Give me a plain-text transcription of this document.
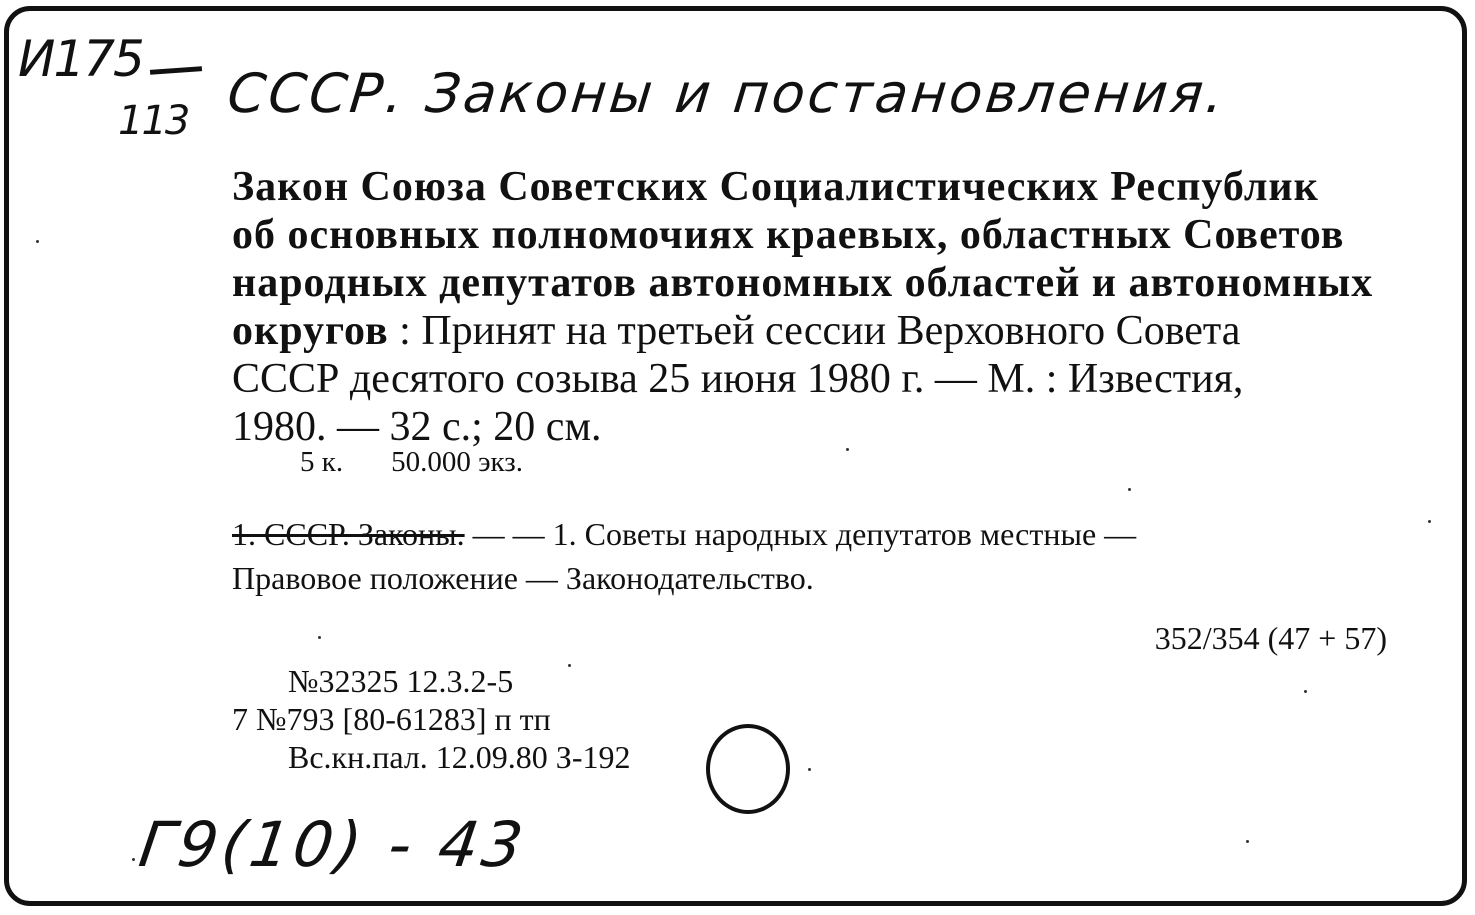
И175
113 СССР. Законы и постановления.
Закон Союза Советских Социалистических Республик
об основных полномочиях краевых, областных Советов
народных депутатов автономных областей и автономных
округов : Принят на третьей сессии Верховного Совета
СССР десятого созыва 25 июня 1980 г. — М. : Известия,
1980. — 32 с.; 20 см.
5 к. 50.000 экз.
1. СССР. Законы. — — 1. Советы народных депутатов местные —
Правовое положение — Законодательство.
352/354 (47 + 57)
№32325 12.3.2-5
7 №793 [80-61283] п тп
Вс.кн.пал. 12.09.80 З-192
Г9(10) - 43
